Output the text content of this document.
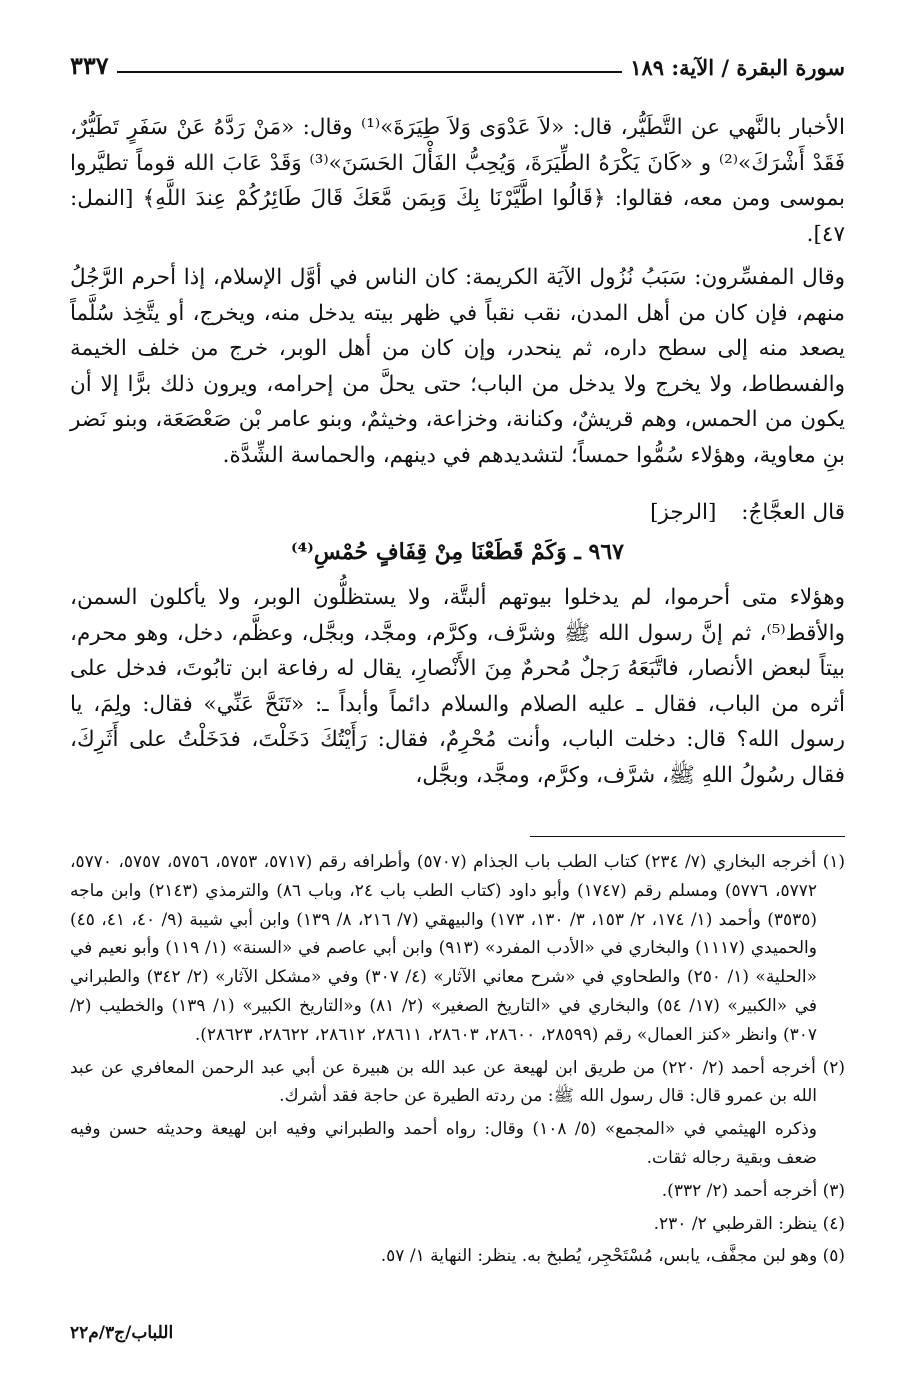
سورة البقرة / الآية: ١٨٩
٣٣٧

الأخبار بالنَّهي عن التَّطَيُّر، قال: «لاَ عَدْوَى وَلاَ طِيَرَةَ»⁽¹⁾ وقال: «مَنْ رَدَّهُ عَنْ سَفَرٍ تَطَيُّرٌ، فَقَدْ أَشْرَكَ»⁽²⁾ و «كَانَ يَكْرَهُ الطِّيَرَةَ، وَيُحِبُّ الفَأْلَ الحَسَنَ»⁽³⁾ وَقَدْ عَابَ الله قوماً تطيَّروا بموسى ومن معه، فقالوا: ﴿قَالُوا اطَّيَّرْنَا بِكَ وَبِمَن مَّعَكَ قَالَ طَائِرُكُمْ عِندَ اللَّهِ﴾ [النمل: ٤٧].

وقال المفسِّرون: سَبَبُ نُزُول الآيَة الكريمة: كان الناس في أوَّل الإسلام، إذا أحرم الرَّجُلُ منهم، فإن كان من أهل المدن، نقب نقباً في ظهر بيته يدخل منه، ويخرج، أو يتَّخِذ سُلَّماً يصعد منه إلى سطح داره، ثم ينحدر، وإن كان من أهل الوبر، خرج من خلف الخيمة والفسطاط، ولا يخرج ولا يدخل من الباب؛ حتى يحلَّ من إحرامه، ويرون ذلك برًّا إلا أن يكون من الحمس، وهم قريشٌ، وكنانة، وخزاعة، وخيثمٌ، وبنو عامر بْن صَعْصَعَة، وبنو نَضر بنِ معاوية، وهؤلاء سُمُّوا حمساً؛ لتشديدهم في دينهم، والحماسة الشِّدَّة.

قال العجَّاجُ: [الرجز]
٩٦٧ ـ وَكَمْ قَطَعْنَا مِنْ قِفَافٍ حُمْسِ⁽⁴⁾

وهؤلاء متى أحرموا، لم يدخلوا بيوتهم ألبتَّة، ولا يستظلُّون الوبر، ولا يأكلون السمن، والأقط⁽⁵⁾، ثم إنَّ رسول الله ﷺ وشرَّف، وكرَّم، ومجَّد، وبجَّل، وعظَّم، دخل، وهو محرم، بيتاً لبعض الأنصار، فاتَّبَعَهُ رَجلٌ مُحرمٌ مِنَ الأَنْصارِ، يقال له رفاعة ابن تابُوتَ، فدخل على أثره من الباب، فقال ـ عليه الصلام والسلام دائماً وأبداً ـ: «تَنَحَّ عَنِّي» فقال: ولِمَ، يا رسول الله؟ قال: دخلت الباب، وأنت مُحْرِمٌ، فقال: رَأَيْتُكَ دَخَلْتَ، فدَخَلْتُ على أَثَرِكَ، فقال رسُولُ اللهِ ﷺ، شرَّف، وكرَّم، ومجَّد، وبجَّل،

(١) أخرجه البخاري (٧/ ٢٣٤) كتاب الطب باب الجذام (٥٧٠٧) وأطرافه رقم (٥٧١٧، ٥٧٥٣، ٥٧٥٦، ٥٧٥٧، ٥٧٧٠، ٥٧٧٢، ٥٧٧٦) ومسلم رقم (١٧٤٧) وأبو داود (كتاب الطب باب ٢٤، وباب ٨٦) والترمذي (٢١٤٣) وابن ماجه (٣٥٣٥) وأحمد (١/ ١٧٤، ٢/ ١٥٣، ٣/ ١٣٠، ١٧٣) والبيهقي (٧/ ٢١٦، ٨/ ١٣٩) وابن أبي شيبة (٩/ ٤٠، ٤١، ٤٥) والحميدي (١١١٧) والبخاري في «الأدب المفرد» (٩١٣) وابن أبي عاصم في «السنة» (١/ ١١٩) وأبو نعيم في «الحلية» (١/ ٢٥٠) والطحاوي في «شرح معاني الآثار» (٤/ ٣٠٧) وفي «مشكل الآثار» (٢/ ٣٤٢) والطبراني في «الكبير» (١٧/ ٥٤) والبخاري في «التاريخ الصغير» (٢/ ٨١) و«التاريخ الكبير» (١/ ١٣٩) والخطيب (٢/ ٣٠٧) وانظر «كنز العمال» رقم (٢٨٥٩٩، ٢٨٦٠٠، ٢٨٦٠٣، ٢٨٦١١، ٢٨٦١٢، ٢٨٦٢٢، ٢٨٦٢٣).

(٢) أخرجه أحمد (٢/ ٢٢٠) من طريق ابن لهيعة عن عبد الله بن هبيرة عن أبي عبد الرحمن المعافري عن عبد الله بن عمرو قال: قال رسول الله ﷺ: من ردته الطيرة عن حاجة فقد أشرك.

وذكره الهيثمي في «المجمع» (٥/ ١٠٨) وقال: رواه أحمد والطبراني وفيه ابن لهيعة وحديثه حسن وفيه ضعف وبقية رجاله ثقات.

(٣) أخرجه أحمد (٢/ ٣٣٢).

(٤) ينظر: القرطبي ٢/ ٢٣٠.

(٥) وهو لبن مجفَّف، يابس، مُسْتَحْجِر، يُطبخ به. ينظر: النهاية ١/ ٥٧.

اللباب/ج٣/م٢٢
